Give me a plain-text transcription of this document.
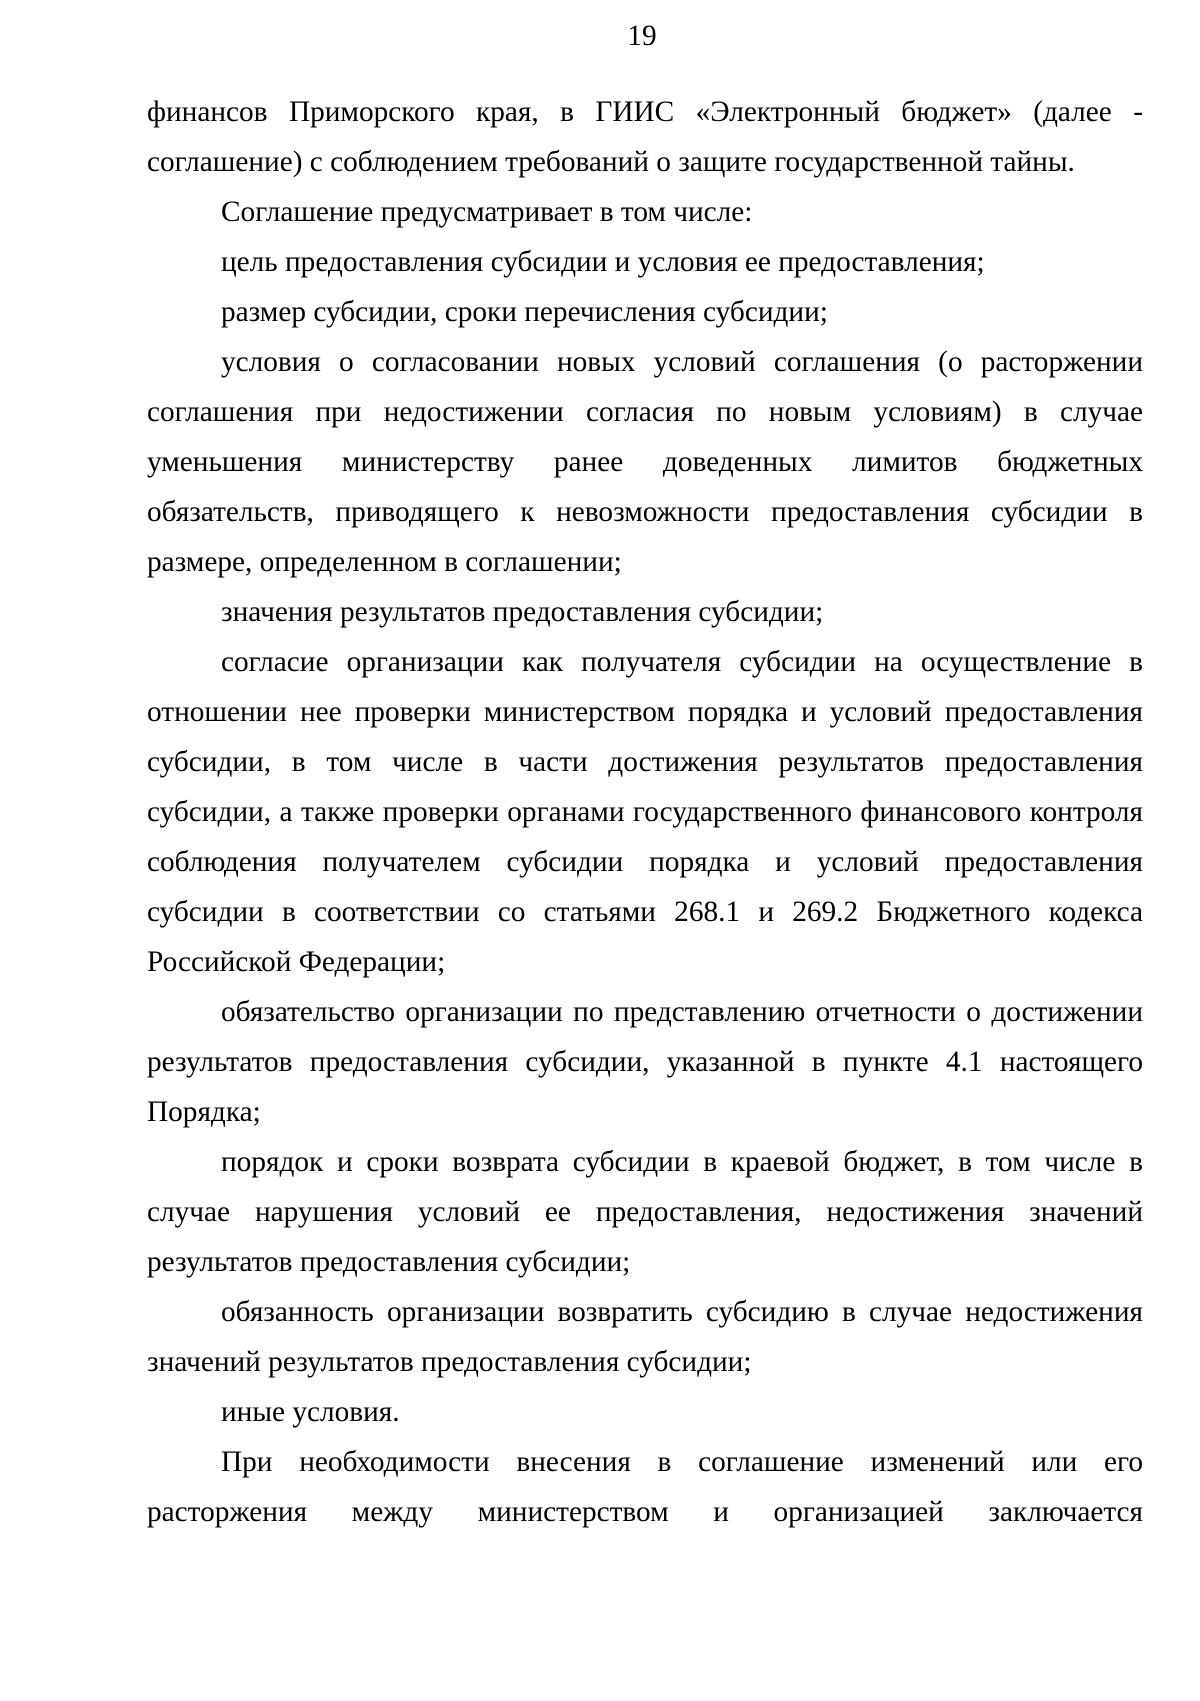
19

финансов Приморского края, в ГИИС «Электронный бюджет» (далее - соглашение) с соблюдением требований о защите государственной тайны.

Соглашение предусматривает в том числе:

цель предоставления субсидии и условия ее предоставления;

размер субсидии, сроки перечисления субсидии;

условия о согласовании новых условий соглашения (о расторжении соглашения при недостижении согласия по новым условиям) в случае уменьшения министерству ранее доведенных лимитов бюджетных обязательств, приводящего к невозможности предоставления субсидии в размере, определенном в соглашении;

значения результатов предоставления субсидии;

согласие организации как получателя субсидии на осуществление в отношении нее проверки министерством порядка и условий предоставления субсидии, в том числе в части достижения результатов предоставления субсидии, а также проверки органами государственного финансового контроля соблюдения получателем субсидии порядка и условий предоставления субсидии в соответствии со статьями 268.1 и 269.2 Бюджетного кодекса Российской Федерации;

обязательство организации по представлению отчетности о достижении результатов предоставления субсидии, указанной в пункте 4.1 настоящего Порядка;

порядок и сроки возврата субсидии в краевой бюджет, в том числе в случае нарушения условий ее предоставления, недостижения значений результатов предоставления субсидии;

обязанность организации возвратить субсидию в случае недостижения значений результатов предоставления субсидии;

иные условия.

При необходимости внесения в соглашение изменений или его расторжения между министерством и организацией заключается
